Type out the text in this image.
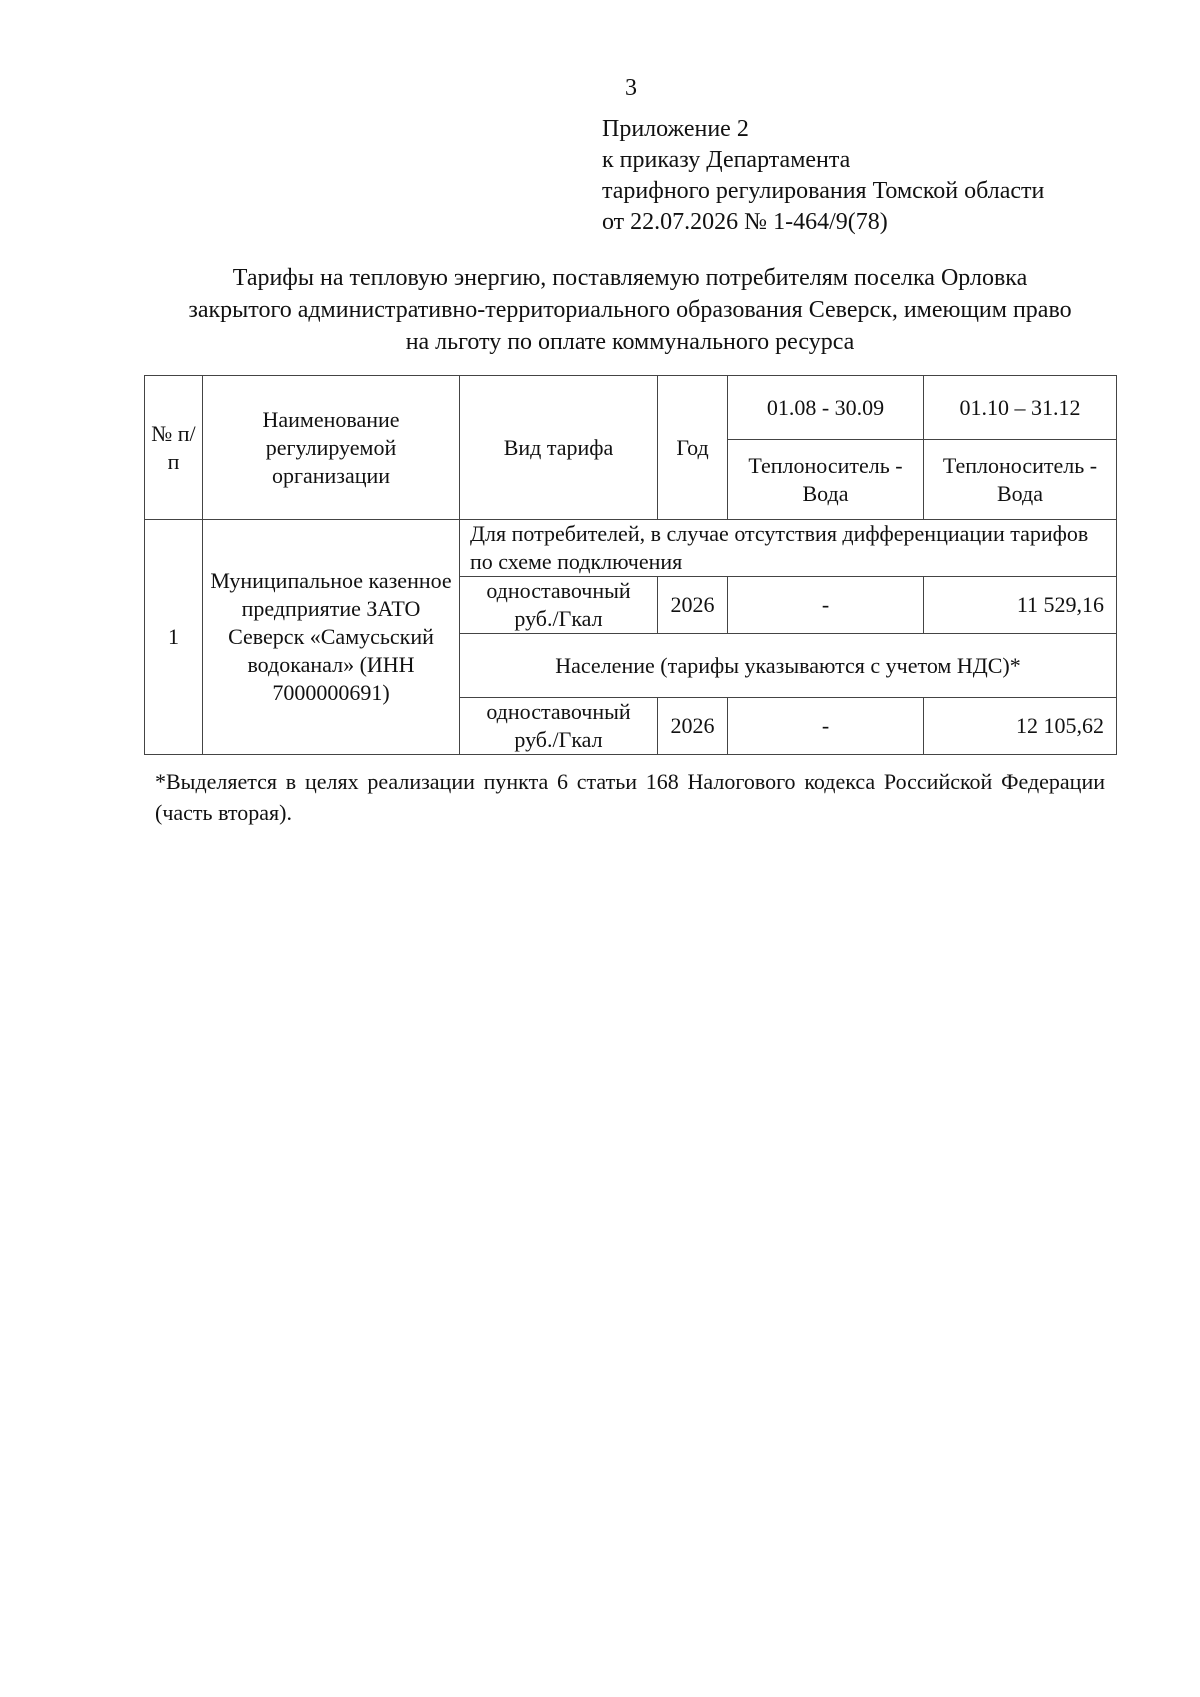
3
Приложение 2
к приказу Департамента
тарифного регулирования Томской области
от 22.07.2026 № 1-464/9(78)
Тарифы на тепловую энергию, поставляемую потребителям поселка Орловка
закрытого административно-территориального образования Северск, имеющим право
на льготу по оплате коммунального ресурса
№ п/п	Наименование регулируемой организации	Вид тарифа	Год	01.08 - 30.09	01.10 – 31.12
				Теплоноситель - Вода	Теплоноситель - Вода
1	Муниципальное казенное предприятие ЗАТО Северск «Самусьский водоканал» (ИНН 7000000691)	Для потребителей, в случае отсутствия дифференциации тарифов по схеме подключения			
		одноставочный руб./Гкал	2026	-	11 529,16
		Население (тарифы указываются с учетом НДС)*			
		одноставочный руб./Гкал	2026	-	12 105,62
*Выделяется в целях реализации пункта 6 статьи 168 Налогового кодекса Российской Федерации (часть вторая).
